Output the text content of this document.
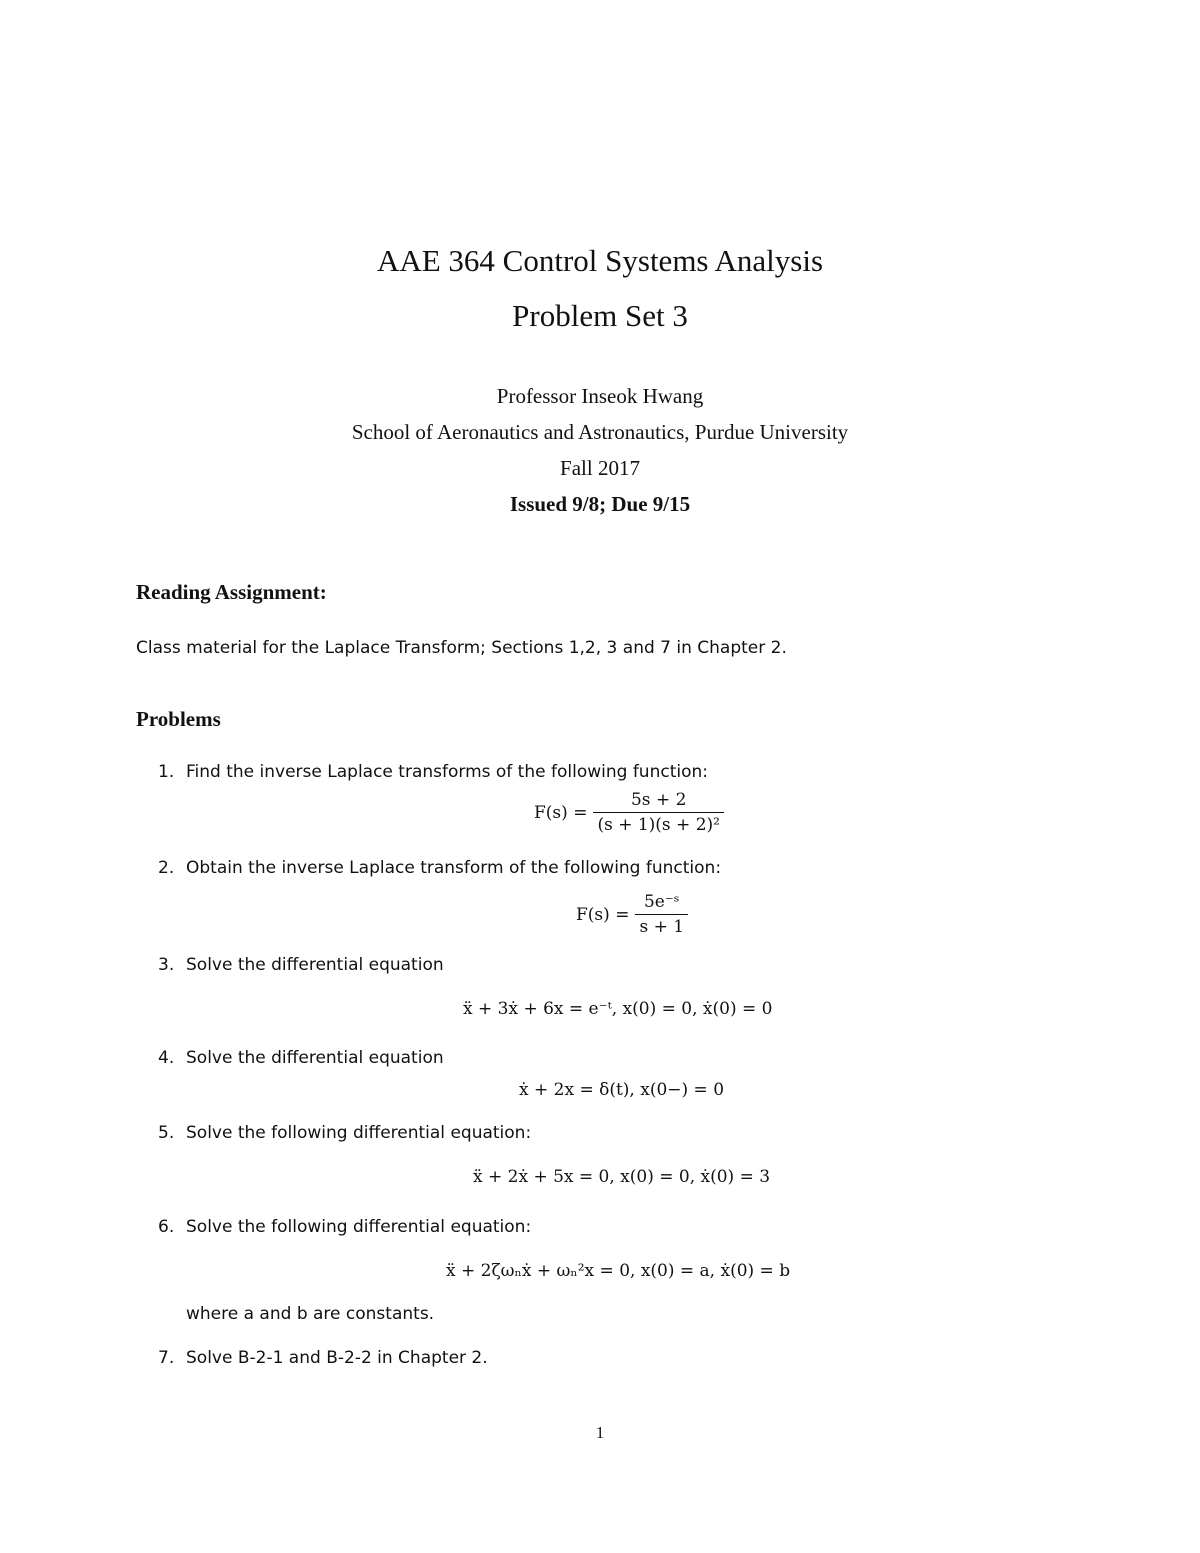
AAE 364 Control Systems Analysis
Problem Set 3
Professor Inseok Hwang
School of Aeronautics and Astronautics, Purdue University
Fall 2017
Issued 9/8; Due 9/15
Reading Assignment:
Class material for the Laplace Transform; Sections 1,2, 3 and 7 in Chapter 2.
Problems
1. Find the inverse Laplace transforms of the following function:
$F(s) = \frac{5s + 2}{\text{(s + 1)(s + 2)²}}$
2. Obtain the inverse Laplace transform of the following function:
$F(s) = \frac{\text{5e⁻ˢ}}{s + 1}$
3. Solve the differential equation
ẍ + 3ẋ + 6x = e⁻ᵗ, x(0) = 0, ẋ(0) = 0
4. Solve the differential equation
ẋ + 2x = δ(t), x(0−) = 0
5. Solve the following differential equation:
ẍ + 2ẋ + 5x = 0, x(0) = 0, ẋ(0) = 3
6. Solve the following differential equation:
ẍ + 2ζωₙẋ + ωₙ²x = 0, x(0) = a, ẋ(0) = b
where a and b are constants.
7. Solve B-2-1 and B-2-2 in Chapter 2.
1
